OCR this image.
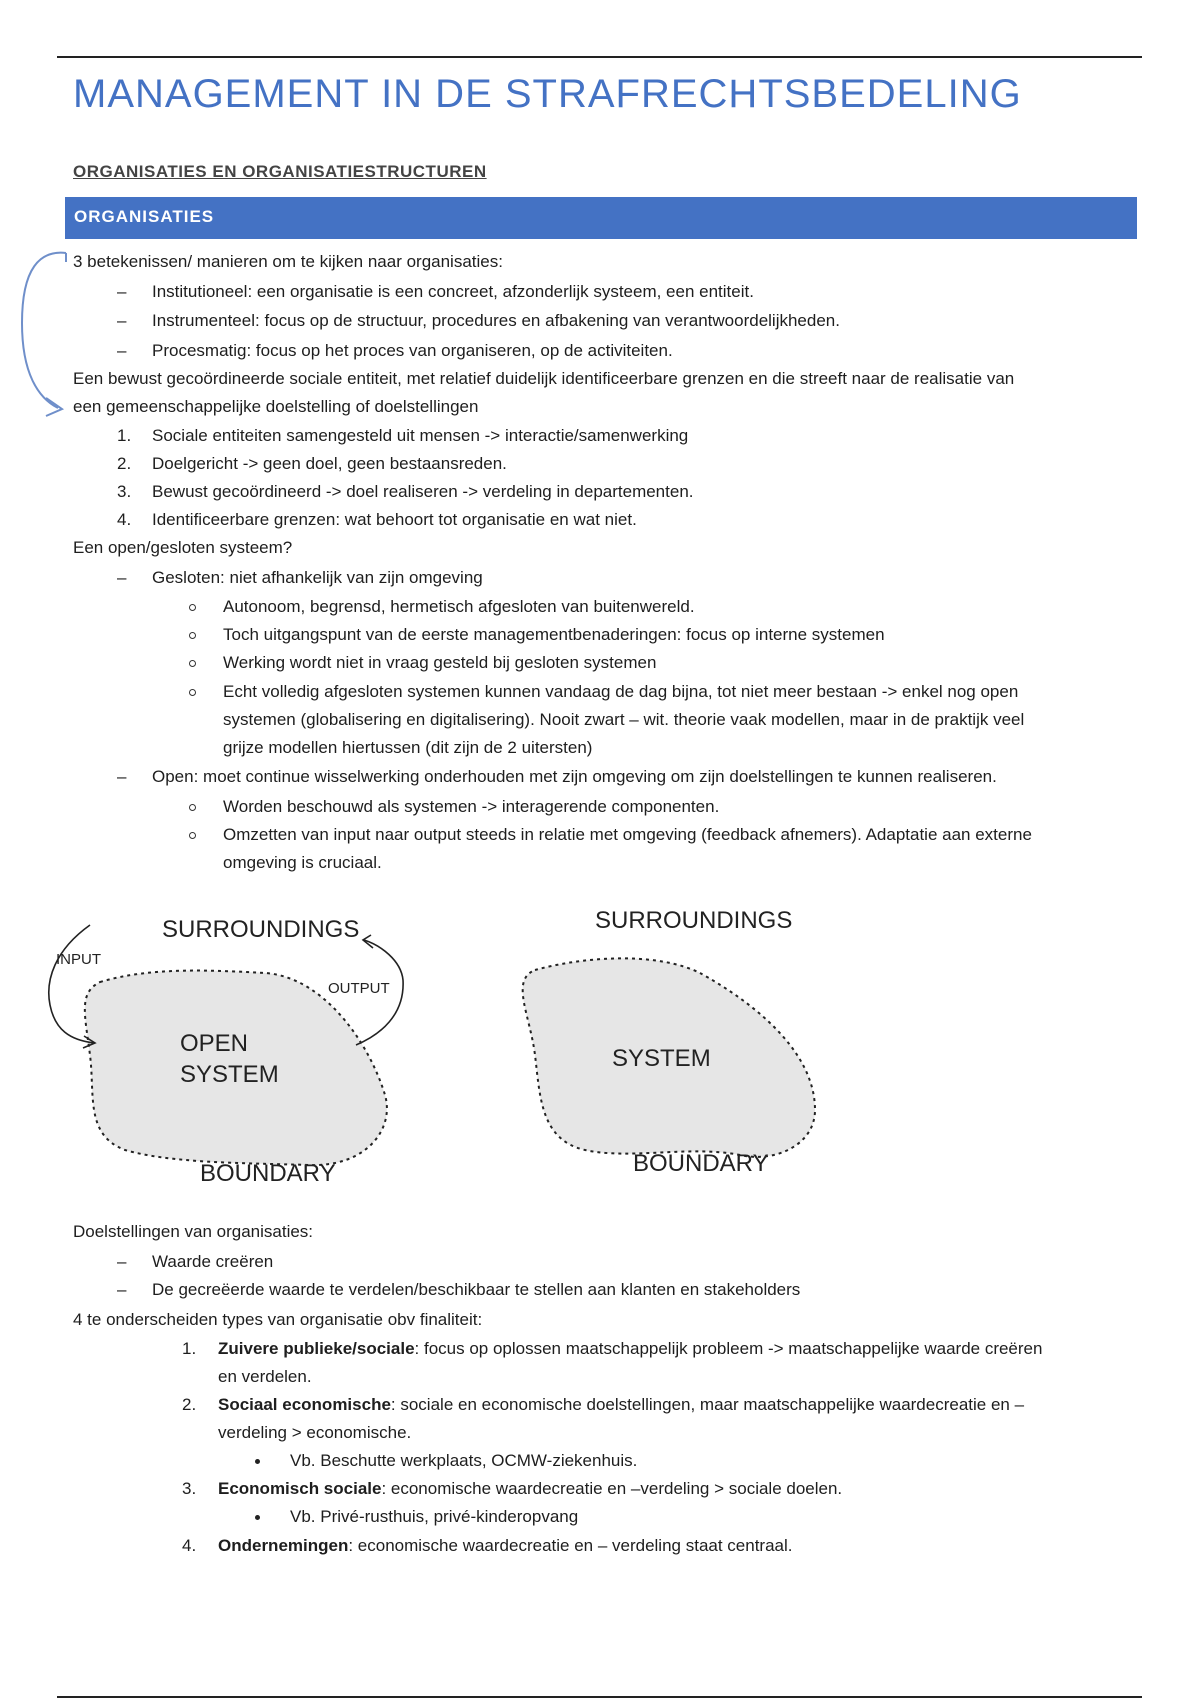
MANAGEMENT IN DE STRAFRECHTSBEDELING
ORGANISATIES EN ORGANISATIESTRUCTUREN
ORGANISATIES
3 betekenissen/ manieren om te kijken naar organisaties:
– Institutioneel: een organisatie is een concreet, afzonderlijk systeem, een entiteit.
– Instrumenteel: focus op de structuur, procedures en afbakening van verantwoordelijkheden.
– Procesmatig: focus op het proces van organiseren, op de activiteiten.
Een bewust gecoördineerde sociale entiteit, met relatief duidelijk identificeerbare grenzen en die streeft naar de realisatie van
een gemeenschappelijke doelstelling of doelstellingen
1. Sociale entiteiten samengesteld uit mensen -> interactie/samenwerking
2. Doelgericht -> geen doel, geen bestaansreden.
3. Bewust gecoördineerd -> doel realiseren -> verdeling in departementen.
4. Identificeerbare grenzen: wat behoort tot organisatie en wat niet.
Een open/gesloten systeem?
– Gesloten: niet afhankelijk van zijn omgeving
Autonoom, begrensd, hermetisch afgesloten van buitenwereld.
Toch uitgangspunt van de eerste managementbenaderingen: focus op interne systemen
Werking wordt niet in vraag gesteld bij gesloten systemen
Echt volledig afgesloten systemen kunnen vandaag de dag bijna, tot niet meer bestaan -> enkel nog open
systemen (globalisering en digitalisering). Nooit zwart – wit. theorie vaak modellen, maar in de praktijk veel
grijze modellen hiertussen (dit zijn de 2 uitersten)
– Open: moet continue wisselwerking onderhouden met zijn omgeving om zijn doelstellingen te kunnen realiseren.
Worden beschouwd als systemen -> interagerende componenten.
Omzetten van input naar output steeds in relatie met omgeving (feedback afnemers). Adaptatie aan externe
omgeving is cruciaal.
SURROUNDINGS
INPUT
OUTPUT
OPEN
SYSTEM
BOUNDARY
SURROUNDINGS
SYSTEM
BOUNDARY
Doelstellingen van organisaties:
– Waarde creëren
– De gecreëerde waarde te verdelen/beschikbaar te stellen aan klanten en stakeholders
4 te onderscheiden types van organisatie obv finaliteit:
1. Zuivere publieke/sociale: focus op oplossen maatschappelijk probleem -> maatschappelijke waarde creëren
en verdelen.
2. Sociaal economische: sociale en economische doelstellingen, maar maatschappelijke waardecreatie en –
verdeling > economische.
Vb. Beschutte werkplaats, OCMW-ziekenhuis.
3. Economisch sociale: economische waardecreatie en –verdeling > sociale doelen.
Vb. Privé-rusthuis, privé-kinderopvang
4. Ondernemingen: economische waardecreatie en – verdeling staat centraal.
